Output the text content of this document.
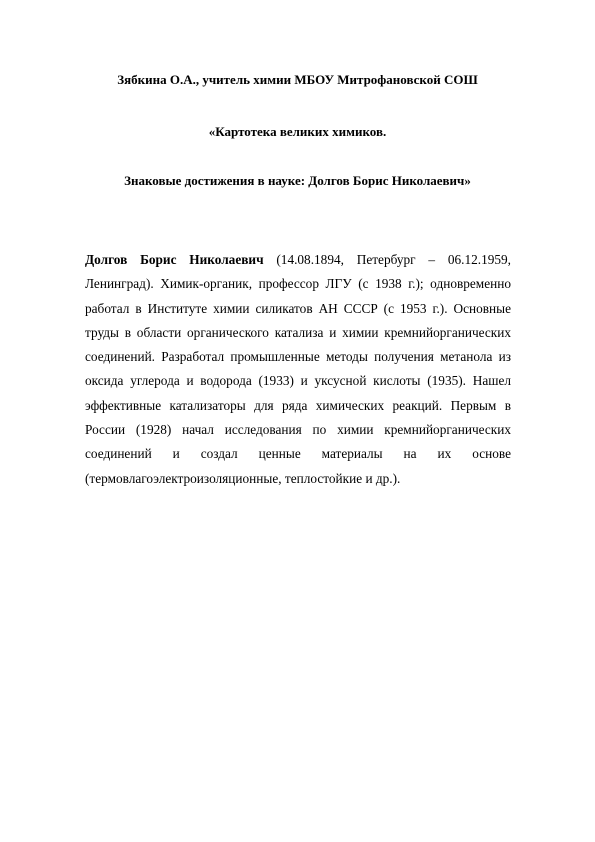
Зябкина О.А., учитель химии МБОУ Митрофановской СОШ

«Картотека великих химиков.

Знаковые достижения в науке: Долгов Борис Николаевич»

Долгов Борис Николаевич (14.08.1894, Петербург – 06.12.1959, Ленинград). Химик-органик, профессор ЛГУ (с 1938 г.); одновременно работал в Институте химии силикатов АН СССР (с 1953 г.). Основные труды в области органического катализа и химии кремнийорганических соединений. Разработал промышленные методы получения метанола из оксида углерода и водорода (1933) и уксусной кислоты (1935). Нашел эффективные катализаторы для ряда химических реакций. Первым в России (1928) начал исследования по химии кремнийорганических соединений и создал ценные материалы на их основе (термовлагоэлектроизоляционные, теплостойкие и др.).
